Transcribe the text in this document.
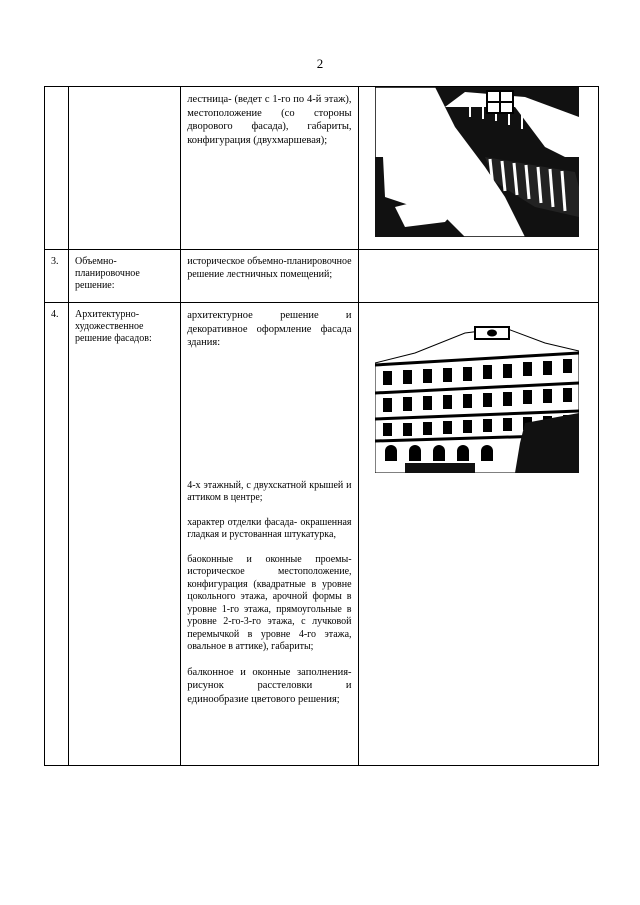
2

		лестница- (ведет с 1-го по 4-й этаж), местоположение (со стороны дворового фасада), габариты, конфигурация (двухмаршевая);

3.	Объемно-планировочное решение:	историческое объемно-планировочное решение лестничных помещений;	

4.	Архитектурно-художественное решение фасадов:	архитектурное решение и декоративное оформление фасада здания:

4-х этажный, с двухскатной крышей и аттиком в центре;

характер отделки фасада- окрашенная гладкая и рустованная штукатурка,

баоконные и оконные проемы- историческое местоположение, конфигурация (квадратные в уровне цокольного этажа, арочной формы в уровне 1-го этажа, прямоугольные в уровне 2-го-3-го этажа, с лучковой перемычкой в уровне 4-го этажа, овальное в аттике), габариты;

балконное и оконные заполнения-рисунок расстеловки и единообразие цветового решения;
